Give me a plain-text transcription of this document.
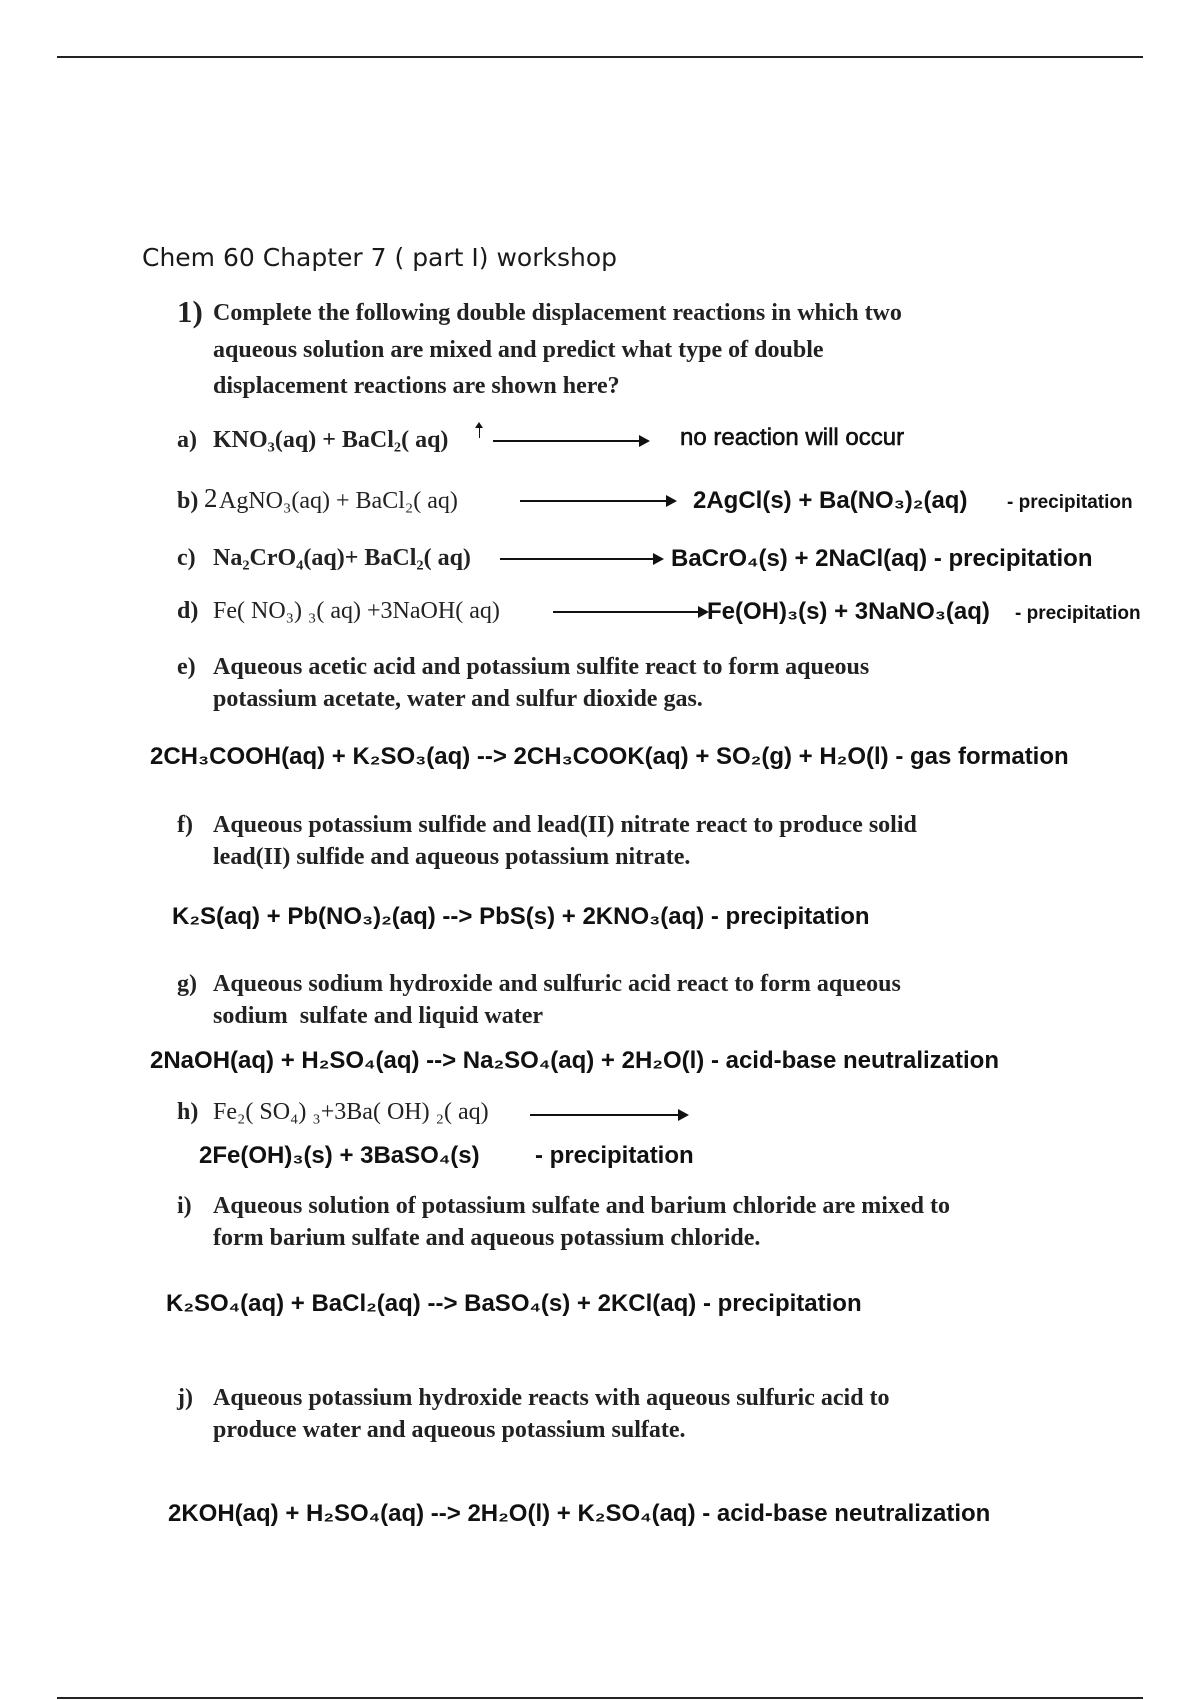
Chem 60 Chapter 7 ( part I) workshop
1) Complete the following double displacement reactions in which two
aqueous solution are mixed and predict what type of double
displacement reactions are shown here?
a) KNO₃(aq) + BaCl₂( aq)	no reaction will occur
b) 2 AgNO₃(aq) + BaCl₂( aq)	2AgCl(s) + Ba(NO₃)₂(aq) - precipitation
c) Na₂CrO₄(aq)+ BaCl₂( aq)	BaCrO₄(s) + 2NaCl(aq) - precipitation
d) Fe( NO₃) ₃( aq) +3NaOH( aq)	Fe(OH)₃(s) + 3NaNO₃(aq) - precipitation
e) Aqueous acetic acid and potassium sulfite react to form aqueous
potassium acetate, water and sulfur dioxide gas.
2CH₃COOH(aq) + K₂SO₃(aq) --> 2CH₃COOK(aq) + SO₂(g) + H₂O(l) - gas formation
f) Aqueous potassium sulfide and lead(II) nitrate react to produce solid
lead(II) sulfide and aqueous potassium nitrate.
K₂S(aq) + Pb(NO₃)₂(aq) --> PbS(s) + 2KNO₃(aq) - precipitation
g) Aqueous sodium hydroxide and sulfuric acid react to form aqueous
sodium  sulfate and liquid water
2NaOH(aq) + H₂SO₄(aq) --> Na₂SO₄(aq) + 2H₂O(l) - acid-base neutralization
h) Fe₂( SO₄) ₃+3Ba( OH) ₂( aq)
2Fe(OH)₃(s) + 3BaSO₄(s) - precipitation
i) Aqueous solution of potassium sulfate and barium chloride are mixed to
form barium sulfate and aqueous potassium chloride.
K₂SO₄(aq) + BaCl₂(aq) --> BaSO₄(s) + 2KCl(aq) - precipitation
j) Aqueous potassium hydroxide reacts with aqueous sulfuric acid to
produce water and aqueous potassium sulfate.
2KOH(aq) + H₂SO₄(aq) --> 2H₂O(l) + K₂SO₄(aq) - acid-base neutralization
